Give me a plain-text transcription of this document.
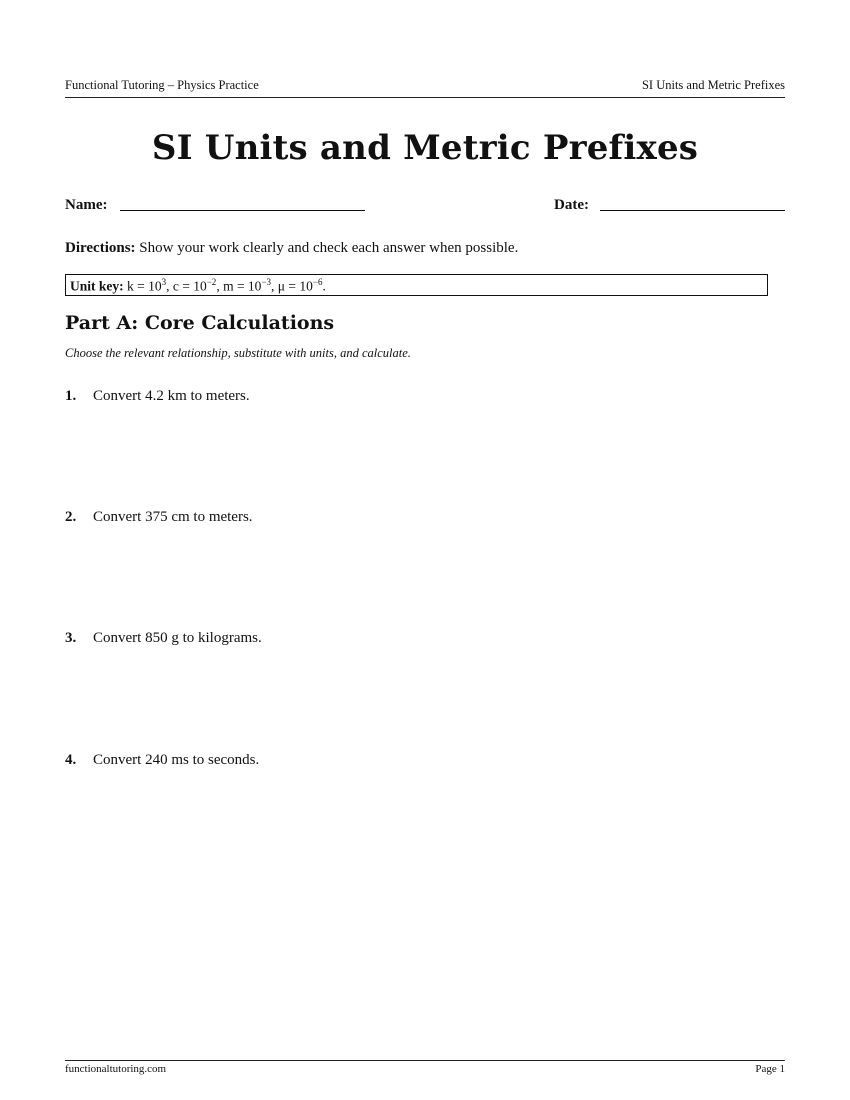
Functional Tutoring – Physics Practice	SI Units and Metric Prefixes
SI Units and Metric Prefixes
Name:	Date:
Directions: Show your work clearly and check each answer when possible.
Unit key: $k = 10^3$, $c = 10^{-2}$, $m = 10^{-3}$, $\mu = 10^{-6}$.
Part A: Core Calculations
Choose the relevant relationship, substitute with units, and calculate.
1. Convert 4.2 km to meters.
2. Convert 375 cm to meters.
3. Convert 850 g to kilograms.
4. Convert 240 ms to seconds.
functionaltutoring.com	Page 1
